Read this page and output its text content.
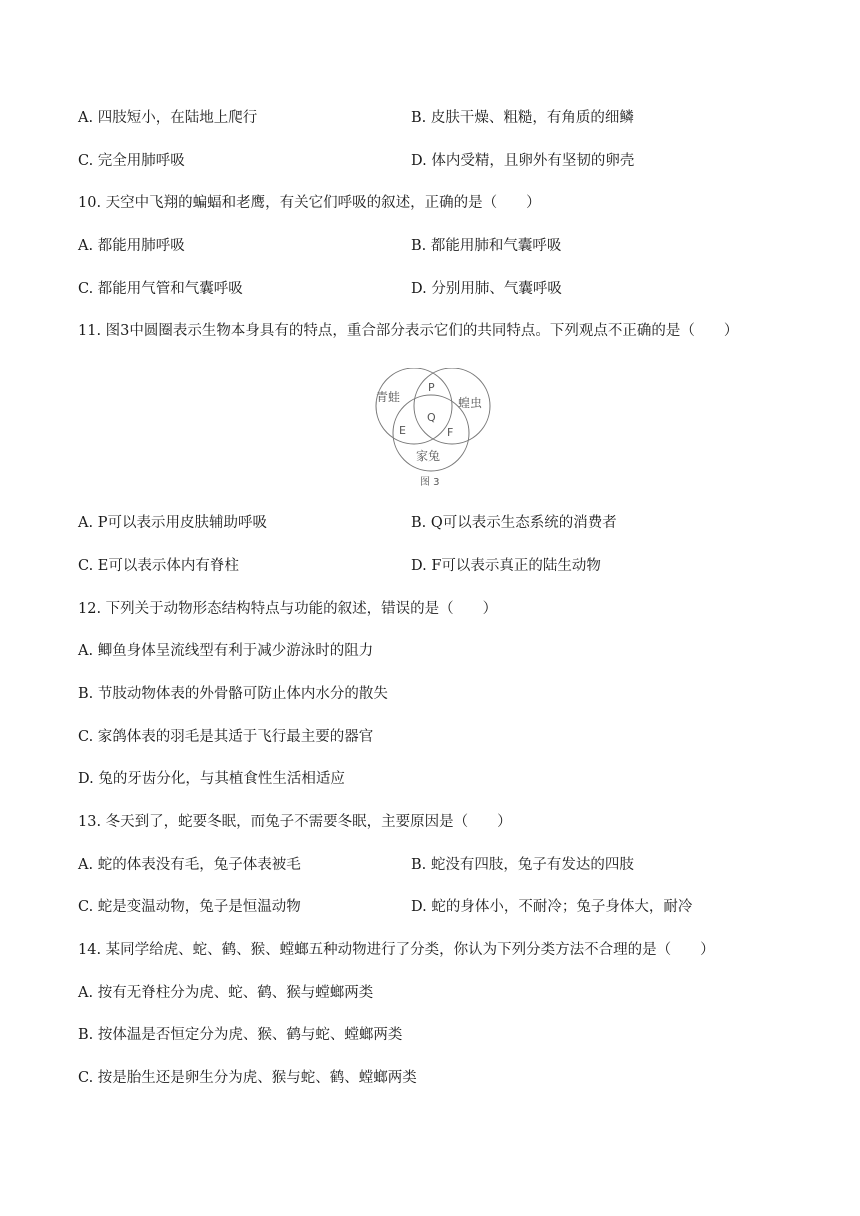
A. 四肢短小，在陆地上爬行	B. 皮肤干燥、粗糙，有角质的细鳞
C. 完全用肺呼吸	D. 体内受精，且卵外有坚韧的卵壳
10. 天空中飞翔的蝙蝠和老鹰，有关它们呼吸的叙述，正确的是（　　）
A. 都能用肺呼吸	B. 都能用肺和气囊呼吸
C. 都能用气管和气囊呼吸	D. 分别用肺、气囊呼吸
11. 图3中圆圈表示生物本身具有的特点，重合部分表示它们的共同特点。下列观点不正确的是（　　）
青蛙	蝗虫
家兔
P
Q
E	F
图 3
A. P可以表示用皮肤辅助呼吸	B. Q可以表示生态系统的消费者
C. E可以表示体内有脊柱	D. F可以表示真正的陆生动物
12. 下列关于动物形态结构特点与功能的叙述，错误的是（　　）
A. 鲫鱼身体呈流线型有利于减少游泳时的阻力
B. 节肢动物体表的外骨骼可防止体内水分的散失
C. 家鸽体表的羽毛是其适于飞行最主要的器官
D. 兔的牙齿分化，与其植食性生活相适应
13. 冬天到了，蛇要冬眠，而兔子不需要冬眠，主要原因是（　　）
A. 蛇的体表没有毛，兔子体表被毛	B. 蛇没有四肢，兔子有发达的四肢
C. 蛇是变温动物，兔子是恒温动物	D. 蛇的身体小，不耐冷；兔子身体大，耐冷
14. 某同学给虎、蛇、鹤、猴、螳螂五种动物进行了分类，你认为下列分类方法不合理的是（　　）
A. 按有无脊柱分为虎、蛇、鹤、猴与螳螂两类
B. 按体温是否恒定分为虎、猴、鹤与蛇、螳螂两类
C. 按是胎生还是卵生分为虎、猴与蛇、鹤、螳螂两类
